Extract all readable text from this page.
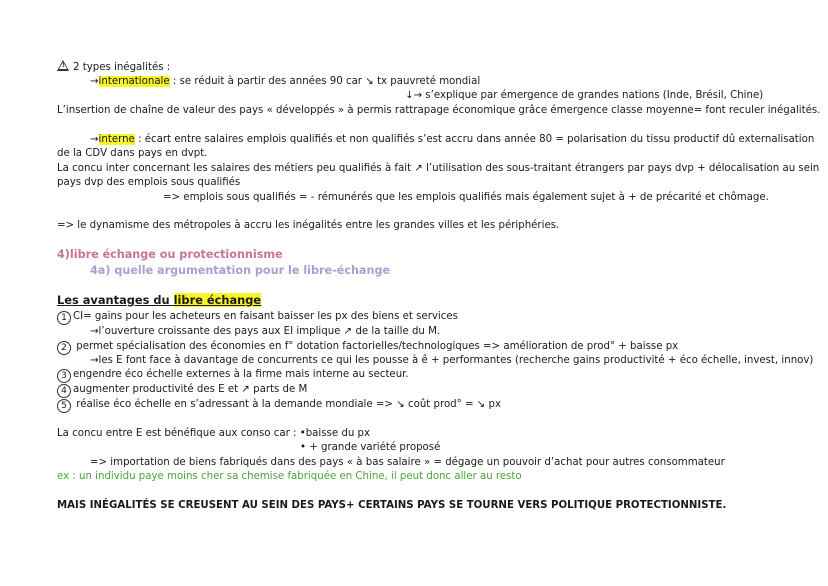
! 2 types inégalités :
→internationale : se réduit à partir des années 90 car ↘ tx pauvreté mondial
↓→ s’explique par émergence de grandes nations (Inde, Brésil, Chine)
L’insertion de chaîne de valeur des pays « développés » à permis rattrapage économique grâce émergence classe moyenne= font reculer inégalités.
→interne : écart entre salaires emplois qualifiés et non qualifiés s’est accru dans année 80 = polarisation du tissu productif dû externalisation
de la CDV dans pays en dvpt.
La concu inter concernant les salaires des métiers peu qualifiés à fait ↗ l’utilisation des sous-traitant étrangers par pays dvp + délocalisation au sein
pays dvp des emplois sous qualifiés
=> emplois sous qualifiés = - rémunérés que les emplois qualifiés mais également sujet à + de précarité et chômage.
=> le dynamisme des métropoles à accru les inégalités entre les grandes villes et les périphéries.
4)libre échange ou protectionnisme
4a) quelle argumentation pour le libre-échange
Les avantages du libre échange
1 CI= gains pour les acheteurs en faisant baisser les px des biens et services
→l’ouverture croissante des pays aux EI implique ↗ de la taille du M.
2 permet spécialisation des économies en f° dotation factorielles/technologiques => amélioration de prod° + baisse px
→les E font face à davantage de concurrents ce qui les pousse à ê + performantes (recherche gains productivité + éco échelle, invest, innov)
3 engendre éco échelle externes à la firme mais interne au secteur.
4 augmenter productivité des E et ↗ parts de M
5 réalise éco échelle en s’adressant à la demande mondiale => ↘ coût prod° = ↘ px
La concu entre E est bénéfique aux conso car : •baisse du px
• + grande variété proposé
=> importation de biens fabriqués dans des pays « à bas salaire » = dégage un pouvoir d’achat pour autres consommateur
ex : un individu paye moins cher sa chemise fabriquée en Chine, il peut donc aller au resto
MAIS INÉGALITÉS SE CREUSENT AU SEIN DES PAYS+ CERTAINS PAYS SE TOURNE VERS POLITIQUE PROTECTIONNISTE.
